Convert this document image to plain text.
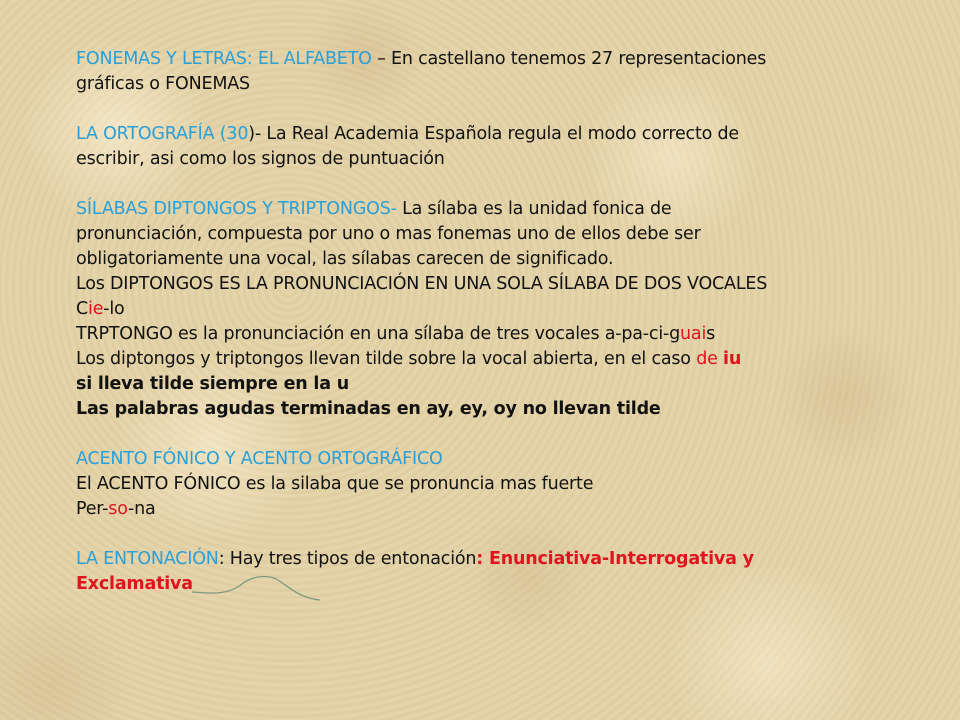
FONEMAS Y LETRAS: EL ALFABETO – En castellano tenemos 27 representaciones
gráficas o FONEMAS
LA ORTOGRAFÍA (30)- La Real Academia Española regula el modo correcto de
escribir, asi como los signos de puntuación
SÍLABAS DIPTONGOS Y TRIPTONGOS- La sílaba es la unidad fonica de
pronunciación, compuesta por uno o mas fonemas uno de ellos debe ser
obligatoriamente una vocal, las sílabas carecen de significado.
Los DIPTONGOS ES LA PRONUNCIACIÓN EN UNA SOLA SÍLABA DE DOS VOCALES
Cie-lo
TRPTONGO es la pronunciación en una sílaba de tres vocales a-pa-ci-guais
Los diptongos y triptongos llevan tilde sobre la vocal abierta, en el caso de iu
si lleva tilde siempre en la u
Las palabras agudas terminadas en ay, ey, oy no llevan tilde
ACENTO FÓNICO Y ACENTO ORTOGRÁFICO
El ACENTO FÓNICO es la silaba que se pronuncia mas fuerte
Per-so-na
LA ENTONACIÓN: Hay tres tipos de entonación: Enunciativa-Interrogativa y
Exclamativa
